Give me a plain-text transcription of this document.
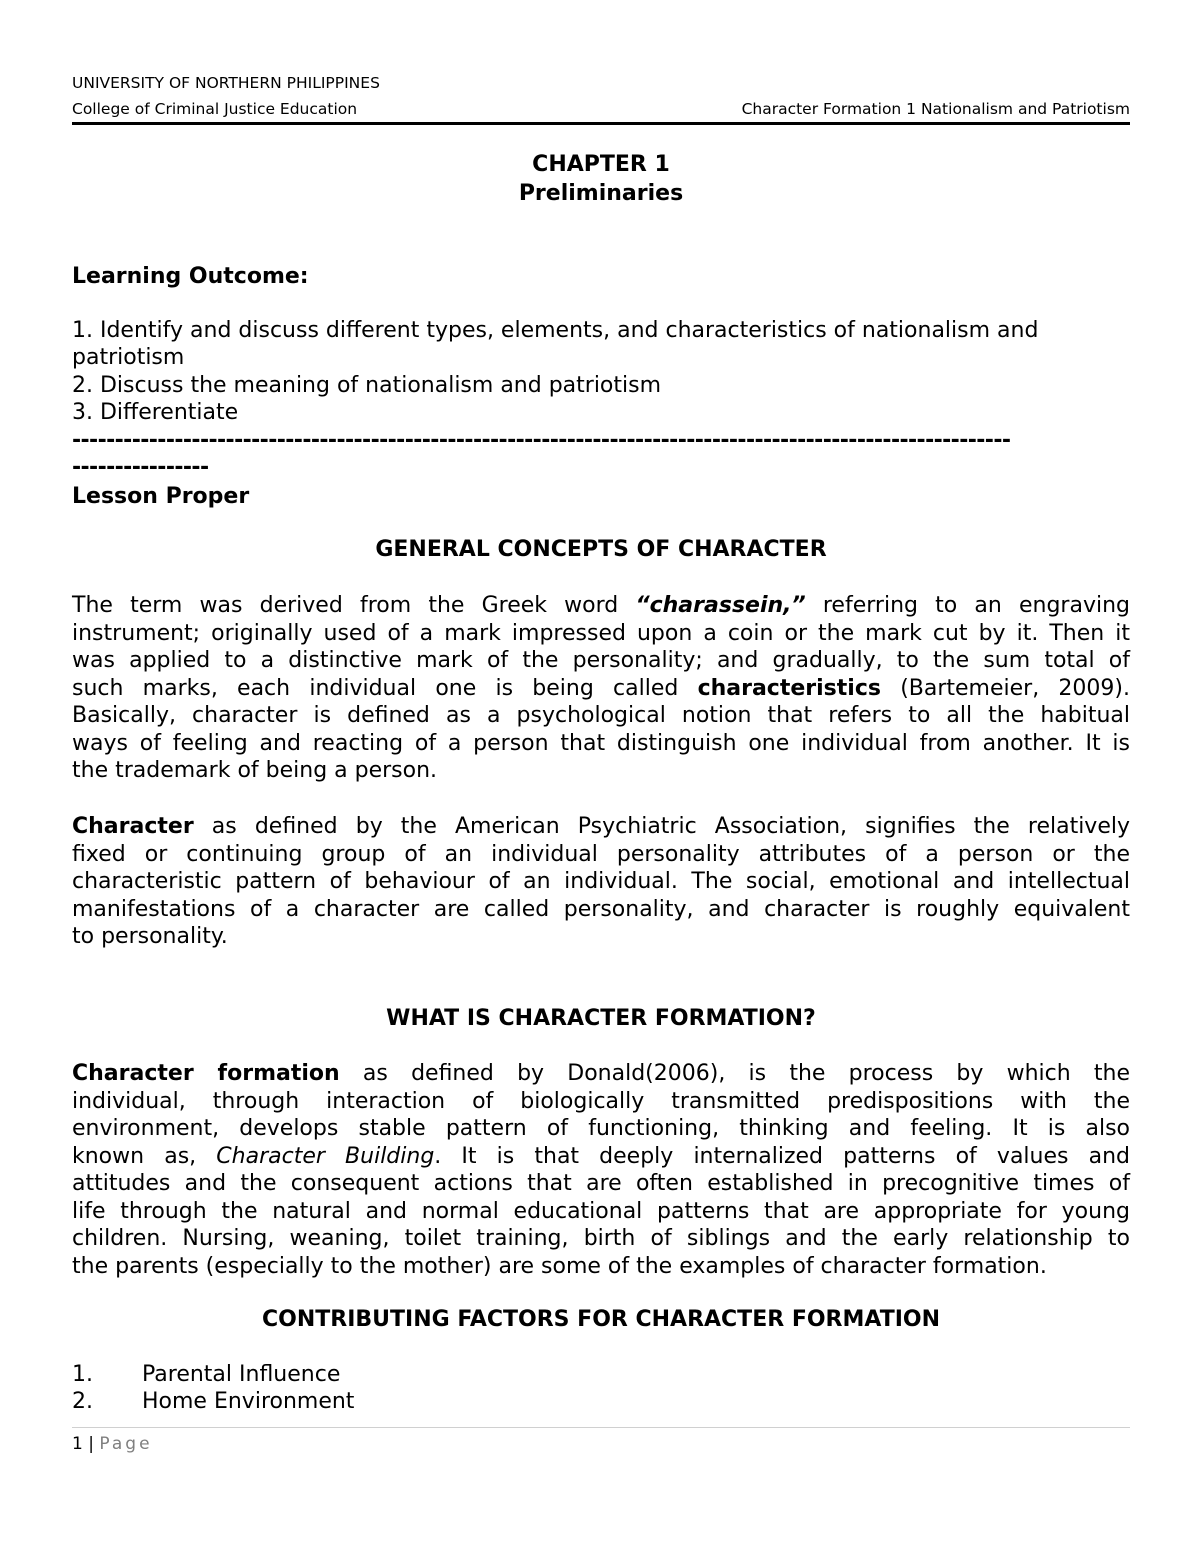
UNIVERSITY OF NORTHERN PHILIPPINES
College of Criminal Justice Education	Character Formation 1 Nationalism and Patriotism
CHAPTER 1
Preliminaries
Learning Outcome:
1. Identify and discuss different types, elements, and characteristics of nationalism and
patriotism
2. Discuss the meaning of nationalism and patriotism
3. Differentiate
--------------------------------------------------------------------------------------------------------------
----------------
Lesson Proper
GENERAL CONCEPTS OF CHARACTER
The term was derived from the Greek word “charassein,” referring to an engraving
instrument; originally used of a mark impressed upon a coin or the mark cut by it. Then it
was applied to a distinctive mark of the personality; and gradually, to the sum total of
such marks, each individual one is being called characteristics (Bartemeier, 2009).
Basically, character is defined as a psychological notion that refers to all the habitual
ways of feeling and reacting of a person that distinguish one individual from another. It is
the trademark of being a person.
Character as defined by the American Psychiatric Association, signifies the relatively
fixed or continuing group of an individual personality attributes of a person or the
characteristic pattern of behaviour of an individual. The social, emotional and intellectual
manifestations of a character are called personality, and character is roughly equivalent
to personality.
WHAT IS CHARACTER FORMATION?
Character formation as defined by Donald(2006), is the process by which the
individual, through interaction of biologically transmitted predispositions with the
environment, develops stable pattern of functioning, thinking and feeling. It is also
known as, Character Building. It is that deeply internalized patterns of values and
attitudes and the consequent actions that are often established in precognitive times of
life through the natural and normal educational patterns that are appropriate for young
children. Nursing, weaning, toilet training, birth of siblings and the early relationship to
the parents (especially to the mother) are some of the examples of character formation.
CONTRIBUTING FACTORS FOR CHARACTER FORMATION
1. Parental Influence
2. Home Environment
1 | Page
